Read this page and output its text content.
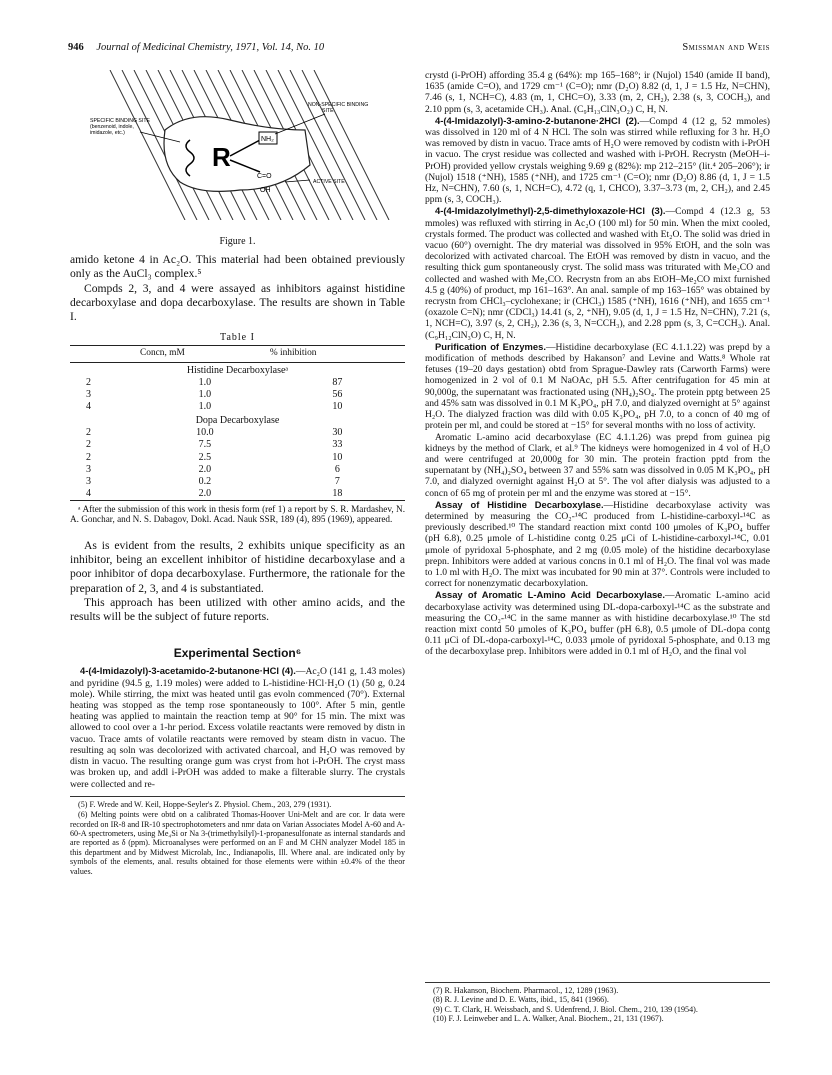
946 Journal of Medicinal Chemistry, 1971, Vol. 14, No. 10	Smissman and Weis
R
NH₂
C=O
OH
SPECIFIC BINDING SITE (benzenoid, indole, imidazole, etc.)
NON-SPECIFIC BINDING SITE
ACTIVE SITE
Figure 1.

amido ketone 4 in Ac₂O. This material had been obtained previously only as the AuCl₃ complex.⁵

Compds 2, 3, and 4 were assayed as inhibitors against histidine decarboxylase and dopa decarboxylase. The results are shown in Table I.

Table I
	Concn, mM	% inhibition
Histidine Decarboxylaseᵃ		
2	1.0	87
3	1.0	56
4	1.0	10
Dopa Decarboxylase		
2	10.0	30
2	7.5	33
2	2.5	10
3	2.0	6
3	0.2	7
4	2.0	18
ᵃ After the submission of this work in thesis form (ref 1) a report by S. R. Mardashev, N. A. Gonchar, and N. S. Dabagov, Dokl. Acad. Nauk SSR, 189 (4), 895 (1969), appeared.

As is evident from the results, 2 exhibits unique specificity as an inhibitor, being an excellent inhibitor of histidine decarboxylase and a poor inhibitor of dopa decarboxylase. Furthermore, the rationale for the preparation of 2, 3, and 4 is substantiated.

This approach has been utilized with other amino acids, and the results will be the subject of future reports.

Experimental Section⁶

4-(4-Imidazolyl)-3-acetamido-2-butanone·HCl (4).—Ac₂O (141 g, 1.43 moles) and pyridine (94.5 g, 1.19 moles) were added to L-histidine·HCl·H₂O (1) (50 g, 0.24 mole). While stirring, the mixt was heated until gas evoln commenced (70°). External heating was stopped as the temp rose spontaneously to 100°. After 5 min, gentle heating was applied to maintain the reaction temp at 90° for 15 min. The mixt was allowed to cool over a 1-hr period. Excess volatile reactants were removed by distn in vacuo. Trace amts of volatile reactants were removed by steam distn in vacuo. The resulting aq soln was decolorized with activated charcoal, and H₂O was removed by distn in vacuo. The resulting orange gum was cryst from hot i-PrOH. The cryst mass was broken up, and addl i-PrOH was added to make a filterable slurry. The crystals were collected and re-

(5) F. Wrede and W. Keil, Hoppe-Seyler's Z. Physiol. Chem., 203, 279 (1931).

(6) Melting points were obtd on a calibrated Thomas-Hoover Uni-Melt and are cor. Ir data were recorded on IR-8 and IR-10 spectrophotometers and nmr data on Varian Associates Model A-60 and A-60-A spectrometers, using Me₄Si or Na 3-(trimethylsilyl)-1-propanesulfonate as internal standards and are reported as δ (ppm). Microanalyses were performed on an F and M CHN analyzer Model 185 in this department and by Midwest Microlab, Inc., Indianapolis, Ill. Where anal. are indicated only by symbols of the elements, anal. results obtained for those elements were within ±0.4% of the theor values.

crystd (i-PrOH) affording 35.4 g (64%): mp 165–168°; ir (Nujol) 1540 (amide II band), 1635 (amide C=O), and 1729 cm⁻¹ (C=O); nmr (D₂O) 8.82 (d, 1, J = 1.5 Hz, N=CHN), 7.46 (s, 1, NCH=C), 4.83 (m, 1, CHC=O), 3.33 (m, 2, CH₂), 2.38 (s, 3, COCH₃), and 2.10 ppm (s, 3, acetamide CH₃). Anal. (C₉H₁₃ClN₃O₂) C, H, N.

4-(4-Imidazolyl)-3-amino-2-butanone·2HCl (2).—Compd 4 (12 g, 52 mmoles) was dissolved in 120 ml of 4 N HCl. The soln was stirred while refluxing for 3 hr. H₂O was removed by distn in vacuo. Trace amts of H₂O were removed by codistn with i-PrOH in vacuo. The cryst residue was collected and washed with i-PrOH. Recrystn (MeOH–i-PrOH) provided yellow crystals weighing 9.69 g (82%): mp 212–215° (lit.⁴ 205–206°); ir (Nujol) 1518 (⁺NH), 1585 (⁺NH), and 1725 cm⁻¹ (C=O); nmr (D₂O) 8.86 (d, 1, J = 1.5 Hz, N=CHN), 7.60 (s, 1, NCH=C), 4.72 (q, 1, CHCO), 3.37–3.73 (m, 2, CH₂), and 2.45 ppm (s, 3, COCH₃).

4-(4-Imidazolylmethyl)-2,5-dimethyloxazole·HCl (3).—Compd 4 (12.3 g, 53 mmoles) was refluxed with stirring in Ac₂O (100 ml) for 50 min. When the mixt cooled, crystals formed. The product was collected and washed with Et₂O. The solid was dried in vacuo (60°) overnight. The dry material was dissolved in 95% EtOH, and the soln was decolorized with activated charcoal. The EtOH was removed by distn in vacuo, and the resulting thick gum spontaneously cryst. The solid mass was triturated with Me₂CO and collected and washed with Me₂CO. Recrystn from an abs EtOH–Me₂CO mixt furnished 4.5 g (40%) of product, mp 161–163°. An anal. sample of mp 163–165° was obtained by recrystn from CHCl₃–cyclohexane; ir (CHCl₃) 1585 (⁺NH), 1616 (⁺NH), and 1655 cm⁻¹ (oxazole C=N); nmr (CDCl₃) 14.41 (s, 2, ⁺NH), 9.05 (d, 1, J = 1.5 Hz, N=CHN), 7.21 (s, 1, NCH=C), 3.97 (s, 2, CH₂), 2.36 (s, 3, N=CCH₃), and 2.28 ppm (s, 3, C=CCH₃). Anal. (C₉H₁₂ClN₃O) C, H, N.

Purification of Enzymes.—Histidine decarboxylase (EC 4.1.1.22) was prepd by a modification of methods described by Hakanson⁷ and Levine and Watts.⁸ Whole rat fetuses (19–20 days gestation) obtd from Sprague-Dawley rats (Carworth Farms) were homogenized in 2 vol of 0.1 M NaOAc, pH 5.5. After centrifugation for 45 min at 90,000g, the supernatant was fractionated using (NH₄)₂SO₄. The protein pptg between 25 and 45% satn was dissolved in 0.1 M K₃PO₄, pH 7.0, and dialyzed overnight at 5° against H₂O. The dialyzed fraction was dild with 0.05 K₃PO₄, pH 7.0, to a concn of 40 mg of protein per ml, and could be stored at −15° for several months with no loss of activity.

Aromatic L-amino acid decarboxylase (EC 4.1.1.26) was prepd from guinea pig kidneys by the method of Clark, et al.⁹ The kidneys were homogenized in 4 vol of H₂O and were centrifuged at 20,000g for 30 min. The protein fraction pptd from the supernatant by (NH₄)₂SO₄ between 37 and 55% satn was dissolved in 0.05 M K₃PO₄, pH 7.0, and dialyzed overnight against H₂O at 5°. The vol after dialysis was adjusted to a concn of 65 mg of protein per ml and the enzyme was stored at −15°.

Assay of Histidine Decarboxylase.—Histidine decarboxylase activity was determined by measuring the CO₂-¹⁴C produced from L-histidine-carboxyl-¹⁴C as previously described.¹⁰ The standard reaction mixt contd 100 μmoles of K₃PO₄ buffer (pH 6.8), 0.25 μmole of L-histidine contg 0.25 μCi of L-histidine-carboxyl-¹⁴C, 0.01 μmole of pyridoxal 5-phosphate, and 2 mg (0.05 mole) of the histidine decarboxylase prepn. Inhibitors were added at various concns in 0.1 ml of H₂O. The final vol was made to 1.0 ml with H₂O. The mixt was incubated for 90 min at 37°. Controls were included to correct for nonenzymatic decarboxylation.

Assay of Aromatic L-Amino Acid Decarboxylase.—Aromatic L-amino acid decarboxylase activity was determined using DL-dopa-carboxyl-¹⁴C as the substrate and measuring the CO₂-¹⁴C in the same manner as with histidine decarboxylase.¹⁰ The std reaction mixt contd 50 μmoles of K₃PO₄ buffer (pH 6.8), 0.5 μmole of DL-dopa contg 0.11 μCi of DL-dopa-carboxyl-¹⁴C, 0.033 μmole of pyridoxal 5-phosphate, and 0.13 mg of the decarboxylase prep. Inhibitors were added in 0.1 ml of H₂O, and the final vol

(7) R. Hakanson, Biochem. Pharmacol., 12, 1289 (1963).

(8) R. J. Levine and D. E. Watts, ibid., 15, 841 (1966).

(9) C. T. Clark, H. Weissbach, and S. Udenfrend, J. Biol. Chem., 210, 139 (1954).

(10) F. J. Leinweber and L. A. Walker, Anal. Biochem., 21, 131 (1967).
